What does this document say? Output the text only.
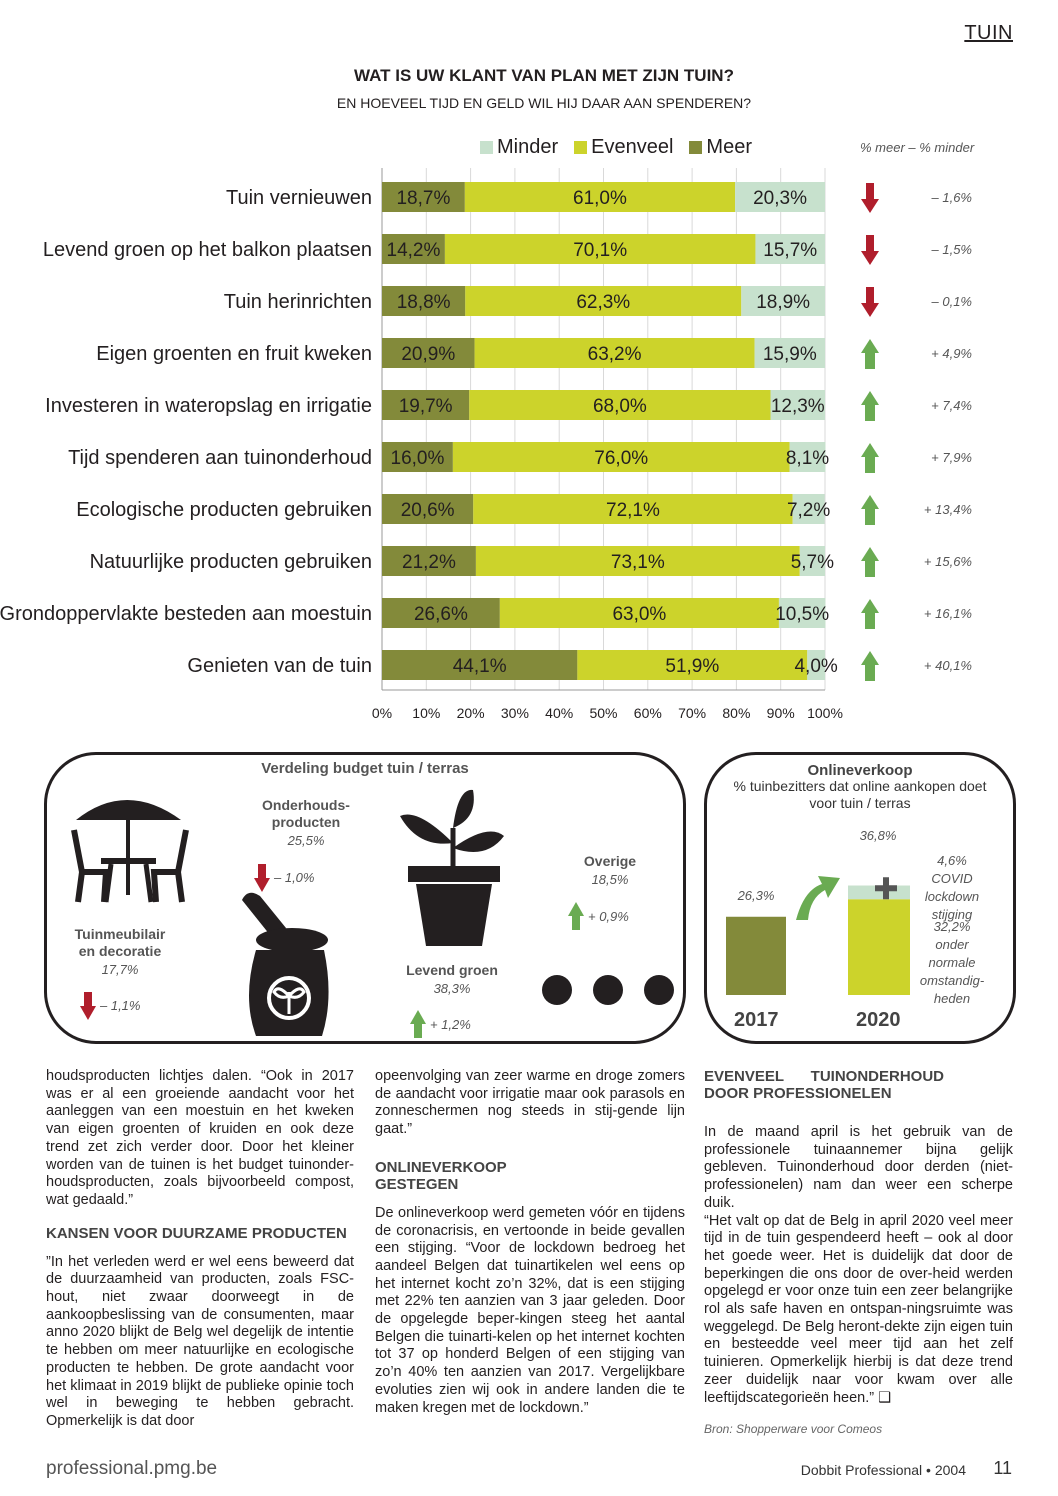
TUIN
WAT IS UW KLANT VAN PLAN MET ZIJN TUIN?
EN HOEVEEL TIJD EN GELD WIL HIJ DAAR AAN SPENDEREN?
Minder Evenveel Meer	% meer – % minder
0% 10% 20% 30% 40% 50% 60% 70% 80% 90% 100%
Tuin vernieuwen 18,7%	61,0%	20,3%	– 1,6%
Levend groen op het balkon plaatsen 14,2%	70,1%	15,7%	– 1,5%
Tuin herinrichten 18,8%	62,3%	18,9%	– 0,1%
Eigen groenten en fruit kweken 20,9%	63,2%	15,9%	+ 4,9%
Investeren in wateropslag en irrigatie 19,7%	68,0%	12,3%	+ 7,4%
Tijd spenderen aan tuinonderhoud 16,0%	76,0%	8,1%	+ 7,9%
Ecologische producten gebruiken 20,6%	72,1%	7,2%	+ 13,4%
Natuurlijke producten gebruiken 21,2%	73,1%	5,7%	+ 15,6%
Grondoppervlakte besteden aan moestuin 26,6%	63,0%	10,5%	+ 16,1%
Genieten van de tuin	44,1%	51,9%	4,0%	+ 40,1%
Verdeling budget tuin / terras
Tuinmeubilair
en decoratie
17,7%
– 1,1%
Onderhouds-
producten
25,5%
– 1,0%
Levend groen
38,3%
+ 1,2%
Overige
18,5%
+ 0,9%
Onlineverkoop
% tuinbezitters dat online aankopen doet voor tuin / terras
26,3%
36,8%
4,6% COVID lockdown stijging
32,2% onder normale omstandig-heden
2017	2020

houdsproducten lichtjes dalen. “Ook in 2017 was er al een groeiende aandacht voor het aanleggen van een moestuin en het kweken van eigen groenten of kruiden en ook deze trend zet zich verder door. Door het kleiner worden van de tuinen is het budget tuinonder-houdsproducten, zoals bijvoorbeeld compost, wat gedaald.”

KANSEN VOOR DUURZAME PRODUCTEN

”In het verleden werd er wel eens beweerd dat de duurzaamheid van producten, zoals FSC-hout, niet zwaar doorweegt in de aankoopbeslissing van de consumenten, maar anno 2020 blijkt de Belg wel degelijk de intentie te hebben om meer natuurlijke en ecologische producten te hebben. De grote aandacht voor het klimaat in 2019 blijkt de publieke opinie toch wel in beweging te hebben gebracht. Opmerkelijk is dat door

opeenvolging van zeer warme en droge zomers de aandacht voor irrigatie maar ook parasols en zonneschermen nog steeds in stij-gende lijn gaat.”

ONLINEVERKOOP GESTEGEN

De onlineverkoop werd gemeten vóór en tijdens de coronacrisis, en vertoonde in beide gevallen een stijging. “Voor de lockdown bedroeg het aandeel Belgen dat tuinartikelen wel eens op het internet kocht zo’n 32%, dat is een stijging met 22% ten aanzien van 3 jaar geleden. Door de opgelegde beper-kingen steeg het aantal Belgen die tuinarti-kelen op het internet kochten tot 37 op honderd Belgen of een stijging van zo’n 40% ten aanzien van 2017. Vergelijkbare evoluties zien wij ook in andere landen die te maken kregen met de lockdown.”

EVENVEEL TUINONDERHOUD DOOR PROFESSIONELEN

In de maand april is het gebruik van de professionele tuinaannemer bijna gelijk gebleven. Tuinonderhoud door derden (niet-professionelen) nam dan weer een scherpe duik.

“Het valt op dat de Belg in april 2020 veel meer tijd in de tuin gespendeerd heeft – ook al door het goede weer. Het is duidelijk dat door de beperkingen die ons door de over-heid werden opgelegd er voor onze tuin een zeer belangrijke rol als safe haven en ontspan-ningsruimte was weggelegd. De Belg heront-dekte zijn eigen tuin en besteedde veel meer tijd aan het zelf tuinieren. Opmerkelijk hierbij is dat deze trend zeer duidelijk naar voor kwam over alle leeftijdscategorieën heen.” ❑

Bron: Shopperware voor Comeos

professional.pmg.be	Dobbit Professional • 2004 11
